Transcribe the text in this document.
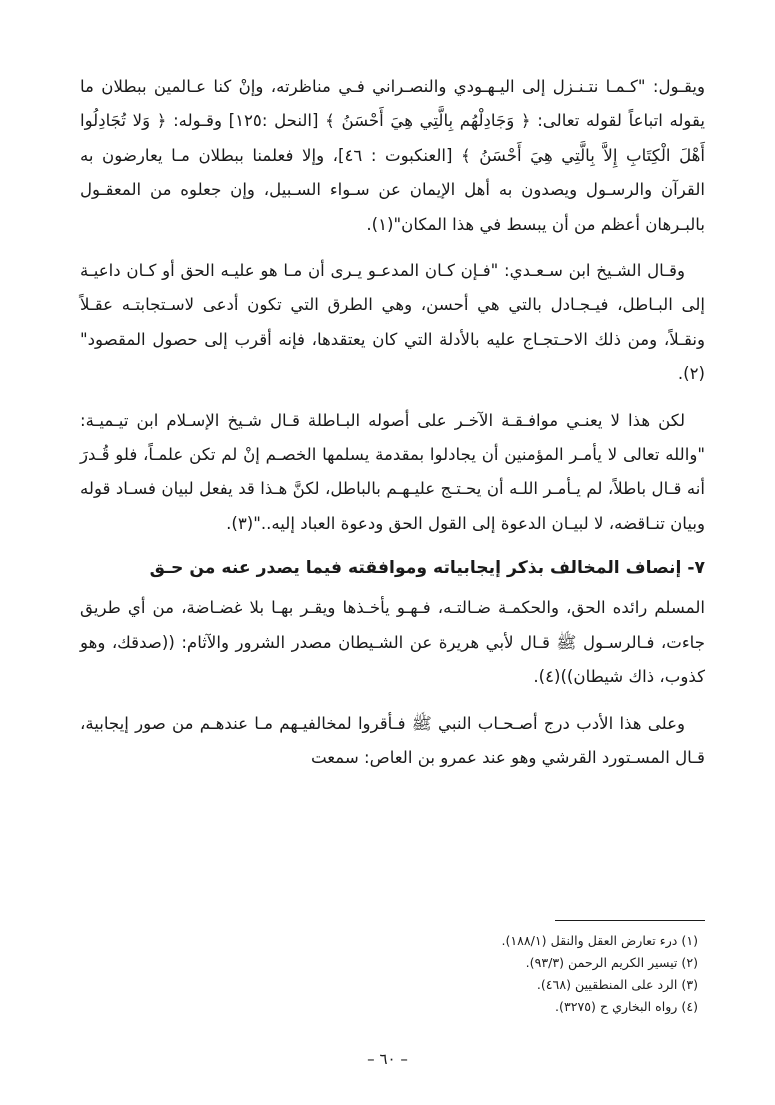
ويقـول: "كـمـا نتـنـزل إلى اليـهـودي والنصـراني فـي مناظرته، وإنْ كنا عـالمين ببطلان ما يقوله اتباعاً لقوله تعالى: ﴿ وَجَادِلْهُم بِالَّتِي هِيَ أَحْسَنُ ﴾ [النحل :١٢٥] وقـوله: ﴿ وَلا تُجَادِلُوا أَهْلَ الْكِتَابِ إِلاَّ بِالَّتِي هِيَ أَحْسَنُ ﴾ [العنكبوت : ٤٦]، وإلا فعلمنا ببطلان مـا يعارضون به القرآن والرسـول ويصدون به أهل الإيمان عن سـواء السـبيل، وإن جعلوه من المعقـول بالبـرهان أعظم من أن يبسط في هذا المكان"(١).

وقـال الشـيخ ابن سـعـدي: "فـإن كـان المدعـو يـرى أن مـا هو عليـه الحق أو كـان داعيـة إلى البـاطل، فيـجـادل بالتي هي أحسن، وهي الطرق التي تكون أدعى لاسـتجابتـه عقـلاً ونقـلاً، ومن ذلك الاحـتجـاج عليه بالأدلة التي كان يعتقدها، فإنه أقرب إلى حصول المقصود"(٢).

لكن هذا لا يعنـي موافـقـة الآخـر على أصوله البـاطلة قـال شـيخ الإسـلام ابن تيـميـة: "والله تعالى لا يأمـر المؤمنين أن يجادلوا بمقدمة يسلمها الخصـم إنْ لم تكن علمـاً، فلو قُـدرَ أنه قـال باطلاً، لم يـأمـر اللـه أن يحـتـج عليـهـم بالباطل، لكنَّ هـذا قد يفعل لبيان فسـاد قوله وبيان تنـاقضه، لا لبيـان الدعوة إلى القول الحق ودعوة العباد إليه.."(٣).

٧- إنصاف المخالف بذكر إيجابياته وموافقته فيما يصدر عنه من حـق

المسلم رائده الحق، والحكمـة ضـالتـه، فـهـو يأخـذها ويقـر بهـا بلا غضـاضة، من أي طريق جاءت، فـالرسـول ﷺ قـال لأبي هريرة عن الشـيطان مصدر الشرور والآثام: ((صدقك، وهو كذوب، ذاك شيطان))(٤).

وعلى هذا الأدب درج أصـحـاب النبي ﷺ فـأقروا لمخالفيـهم مـا عندهـم من صور إيجابية، قـال المسـتورد القرشي وهو عند عمرو بن العاص: سمعت

(١) درء تعارض العقل والنقل (١٨٨/١).
(٢) تيسير الكريم الرحمن (٩٣/٣).
(٣) الرد على المنطقيين (٤٦٨).
(٤) رواه البخاري ح (٣٢٧٥).
– ٦٠ –
